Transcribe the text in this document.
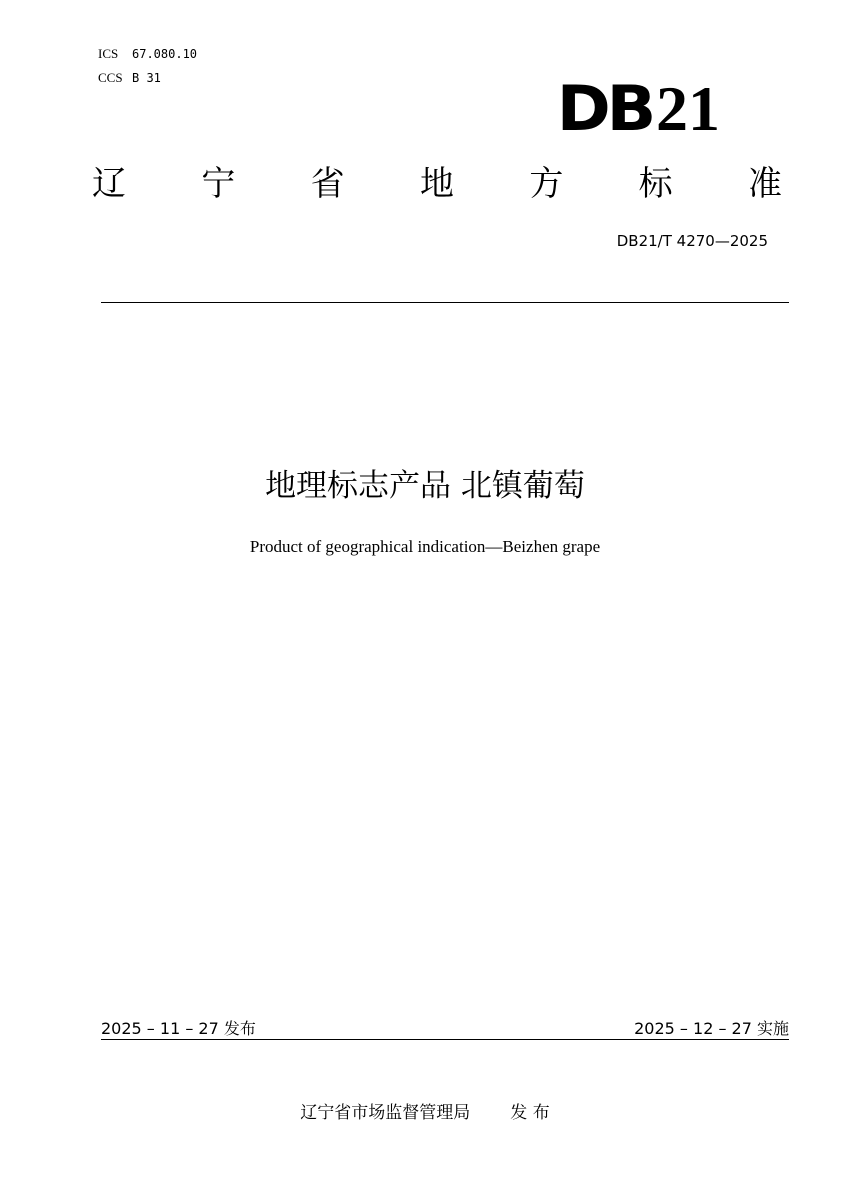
ICS 67.080.10
CCS B 31	DB 21
辽 宁 省 地 方 标 准
DB21/T 4270—2025
地理标志产品 北镇葡萄
Product of geographical indication—Beizhen grape
2025 – 11 – 27 发布	2025 – 12 – 27 实施
辽宁省市场监督管理局 发 布
